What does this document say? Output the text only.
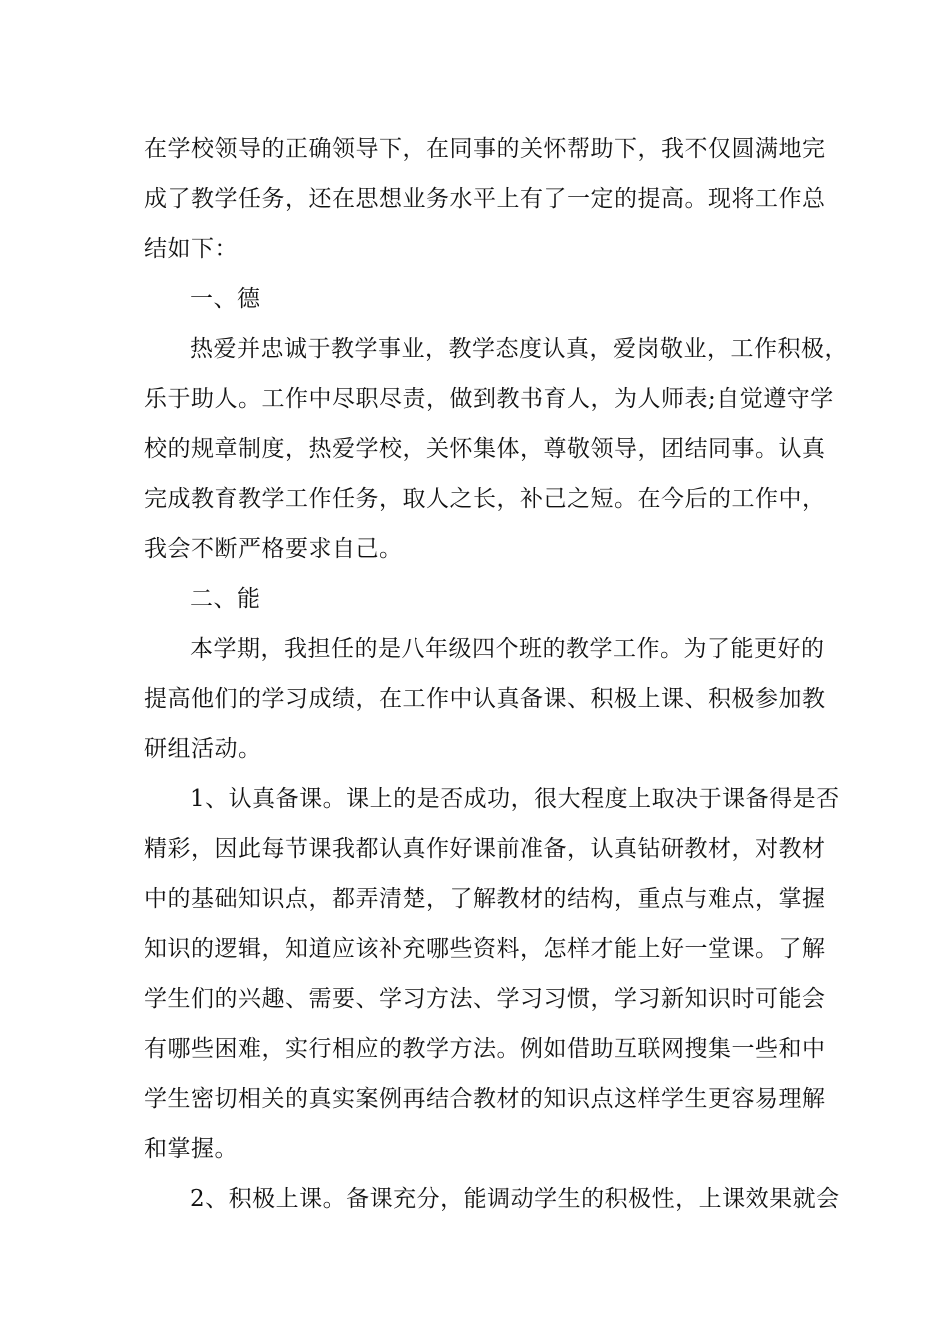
在学校领导的正确领导下，在同事的关怀帮助下，我不仅圆满地完
成了教学任务，还在思想业务水平上有了一定的提高。现将工作总
结如下：

一、德

热爱并忠诚于教学事业，教学态度认真，爱岗敬业，工作积极，
乐于助人。工作中尽职尽责，做到教书育人，为人师表;自觉遵守学
校的规章制度，热爱学校，关怀集体，尊敬领导，团结同事。认真
完成教育教学工作任务，取人之长，补己之短。在今后的工作中，
我会不断严格要求自己。

二、能

本学期，我担任的是八年级四个班的教学工作。为了能更好的
提高他们的学习成绩，在工作中认真备课、积极上课、积极参加教
研组活动。

1、认真备课。课上的是否成功，很大程度上取决于课备得是否
精彩，因此每节课我都认真作好课前准备，认真钻研教材，对教材
中的基础知识点，都弄清楚，了解教材的结构，重点与难点，掌握
知识的逻辑，知道应该补充哪些资料，怎样才能上好一堂课。了解
学生们的兴趣、需要、学习方法、学习习惯，学习新知识时可能会
有哪些困难，实行相应的教学方法。例如借助互联网搜集一些和中
学生密切相关的真实案例再结合教材的知识点这样学生更容易理解
和掌握。

2、积极上课。备课充分，能调动学生的积极性，上课效果就会
